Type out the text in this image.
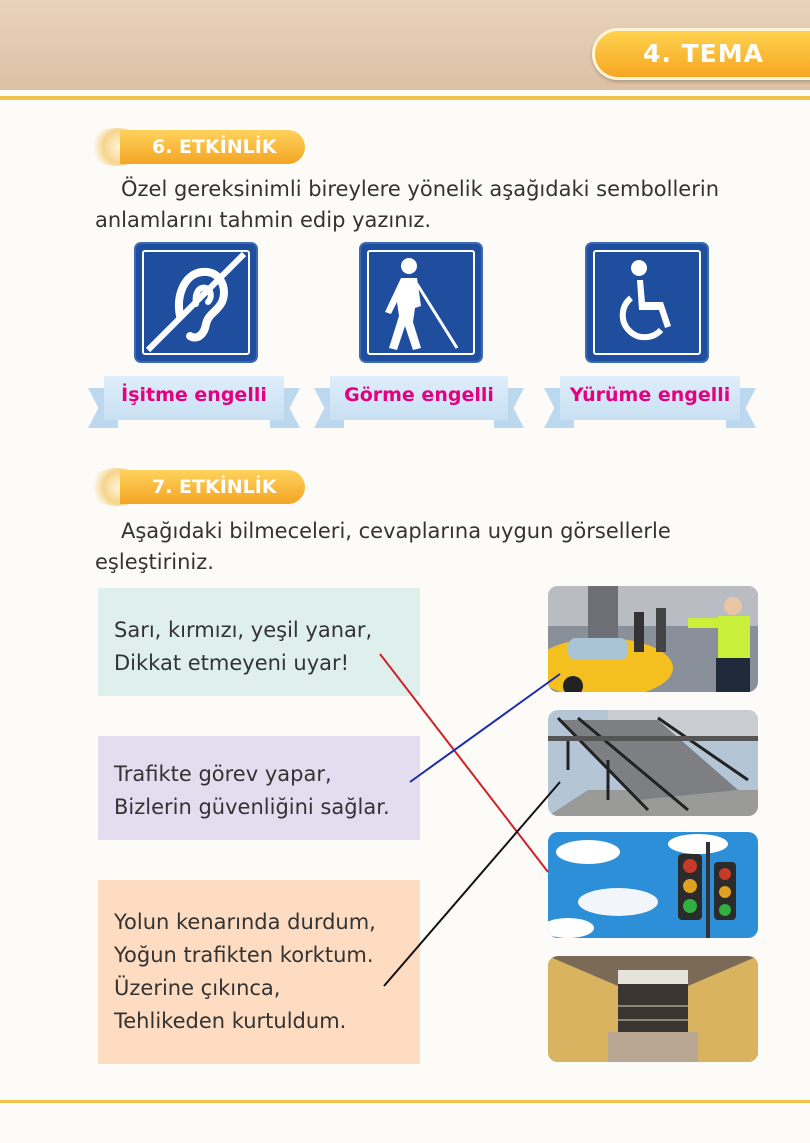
4. TEMA
6. ETKİNLİK

Özel gereksinimli bireylere yönelik aşağıdaki sembollerin anlamlarını tahmin edip yazınız.

İşitme engelli	Görme engelli	Yürüme engelli
7. ETKİNLİK

Aşağıdaki bilmeceleri, cevaplarına uygun görsellerle eşleştiriniz.

Sarı, kırmızı, yeşil yanar,

Dikkat etmeyeni uyar!

Trafikte görev yapar,

Bizlerin güvenliğini sağlar.

Yolun kenarında durdum,

Yoğun trafikten korktum.

Üzerine çıkınca,

Tehlikeden kurtuldum.
